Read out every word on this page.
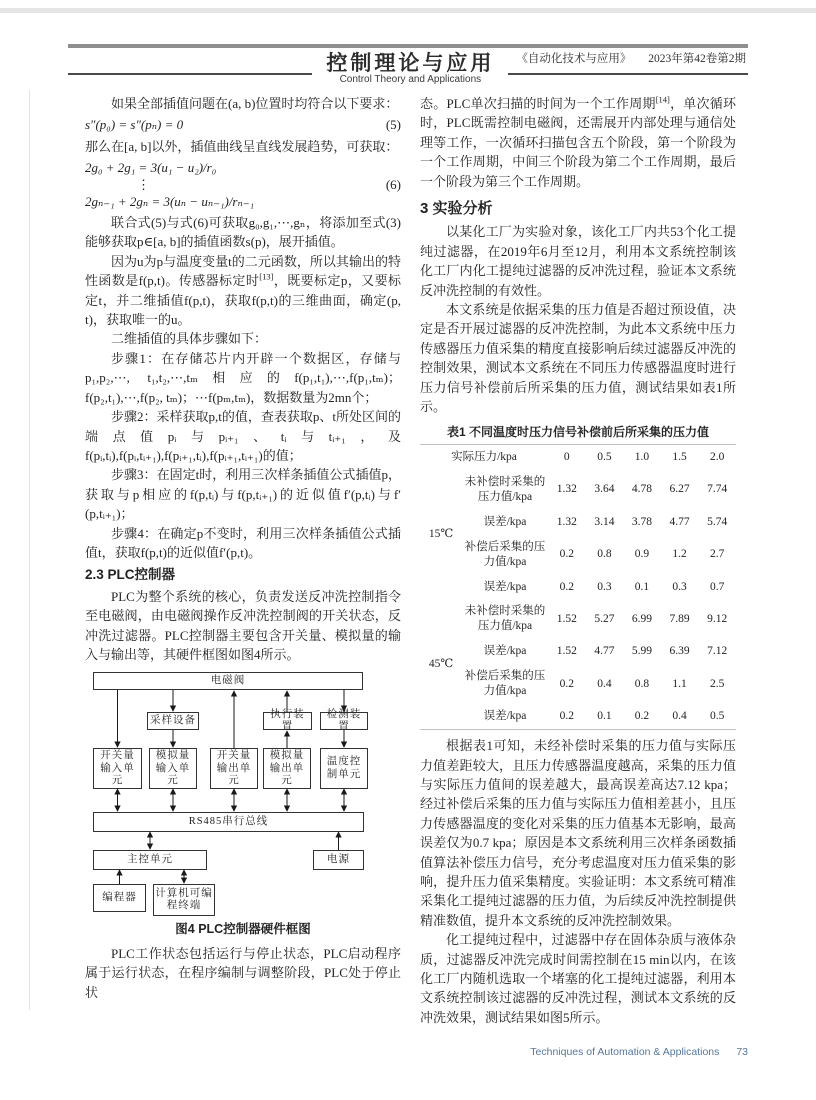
控制理论与应用
Control Theory and Applications
《自动化技术与应用》 2023年第42卷第2期

如果全部插值问题在(a, b)位置时均符合以下要求：

s″(p₀) = s″(pₙ) = 0	(5)

那么在[a, b]以外，插值曲线呈直线发展趋势，可获取：

2g₀ + 2g₁ = 3(u₁ − u₂)/r₀
⋮
2gₙ₋₁ + 2gₙ = 3(uₙ − uₙ₋₁)/rₙ₋₁
(6)

联合式(5)与式(6)可获取g₀,g₁,⋯,gₙ，将添加至式(3)能够获取p∈[a, b]的插值函数s(p)，展开插值。

因为u为p与温度变量t的二元函数，所以其输出的特性函数是f(p,t)。传感器标定时[13]，既要标定p，又要标定t，并二维插值f(p,t)，获取f(p,t)的三维曲面，确定(p, t)，获取唯一的u。

二维插值的具体步骤如下：

步骤1：在存储芯片内开辟一个数据区，存储与p₁,p₂,⋯, t₁,t₂,⋯,tₘ相应的f(p₁,t₁),⋯,f(p₁,tₘ)；f(p₂,t₁),⋯,f(p₂, tₘ)；⋯f(pₘ,tₘ)，数据数量为2mn个；

步骤2：采样获取p,t的值，查表获取p、t所处区间的端点值pᵢ与pᵢ₊₁、tᵢ与tᵢ₊₁，及f(pᵢ,tᵢ),f(pᵢ,tᵢ₊₁),f(pᵢ₊₁,tᵢ),f(pᵢ₊₁,tᵢ₊₁)的值；

步骤3：在固定t时，利用三次样条插值公式插值p，获取与p相应的f(p,tᵢ)与f(p,tᵢ₊₁)的近似值f′(p,tᵢ)与f′(p,tᵢ₊₁)；

步骤4：在确定p不变时，利用三次样条插值公式插值t，获取f(p,t)的近似值f′(p,t)。

2.3 PLC控制器

PLC为整个系统的核心，负责发送反冲洗控制指令至电磁阀，由电磁阀操作反冲洗控制阀的开关状态，反冲洗过滤器。PLC控制器主要包含开关量、模拟量的输入与输出等，其硬件框图如图4所示。

电磁阀
采样设备
执行装置
检测装置
开关量输入单元
模拟量输入单元
开关量输出单元
模拟量输出单元
温度控制单元
RS485串行总线
主控单元	电源
编程器	计算机可编程终端
图4 PLC控制器硬件框图

PLC工作状态包括运行与停止状态，PLC启动程序属于运行状态，在程序编制与调整阶段，PLC处于停止状

态。PLC单次扫描的时间为一个工作周期[14]，单次循环时，PLC既需控制电磁阀，还需展开内部处理与通信处理等工作，一次循环扫描包含五个阶段，第一个阶段为一个工作周期，中间三个阶段为第二个工作周期，最后一个阶段为第三个工作周期。

3 实验分析

以某化工厂为实验对象，该化工厂内共53个化工提纯过滤器，在2019年6月至12月，利用本文系统控制该化工厂内化工提纯过滤器的反冲洗过程，验证本文系统反冲洗控制的有效性。

本文系统是依据采集的压力值是否超过预设值，决定是否开展过滤器的反冲洗控制，为此本文系统中压力传感器压力值采集的精度直接影响后续过滤器反冲洗的控制效果，测试本文系统在不同压力传感器温度时进行压力信号补偿前后所采集的压力值，测试结果如表1所示。

表1 不同温度时压力信号补偿前后所采集的压力值
实际压力/kpa		0	0.5	1.0	1.5	2.0
15℃	未补偿时采集的压力值/kpa	1.32	3.64	4.78	6.27	7.74
	误差/kpa	1.32	3.14	3.78	4.77	5.74
	补偿后采集的压力值/kpa	0.2	0.8	0.9	1.2	2.7
	误差/kpa	0.2	0.3	0.1	0.3	0.7
45℃	未补偿时采集的压力值/kpa	1.52	5.27	6.99	7.89	9.12
	误差/kpa	1.52	4.77	5.99	6.39	7.12
	补偿后采集的压力值/kpa	0.2	0.4	0.8	1.1	2.5
	误差/kpa	0.2	0.1	0.2	0.4	0.5

根据表1可知，未经补偿时采集的压力值与实际压力值差距较大，且压力传感器温度越高，采集的压力值与实际压力值间的误差越大，最高误差高达7.12 kpa；经过补偿后采集的压力值与实际压力值相差甚小，且压力传感器温度的变化对采集的压力值基本无影响，最高误差仅为0.7 kpa；原因是本文系统利用三次样条函数插值算法补偿压力信号，充分考虑温度对压力值采集的影响，提升压力值采集精度。实验证明：本文系统可精准采集化工提纯过滤器的压力值，为后续反冲洗控制提供精准数值，提升本文系统的反冲洗控制效果。

化工提纯过程中，过滤器中存在固体杂质与液体杂质，过滤器反冲洗完成时间需控制在15 min以内，在该化工厂内随机选取一个堵塞的化工提纯过滤器，利用本文系统控制该过滤器的反冲洗过程，测试本文系统的反冲洗效果，测试结果如图5所示。

Techniques of Automation & Applications 73
